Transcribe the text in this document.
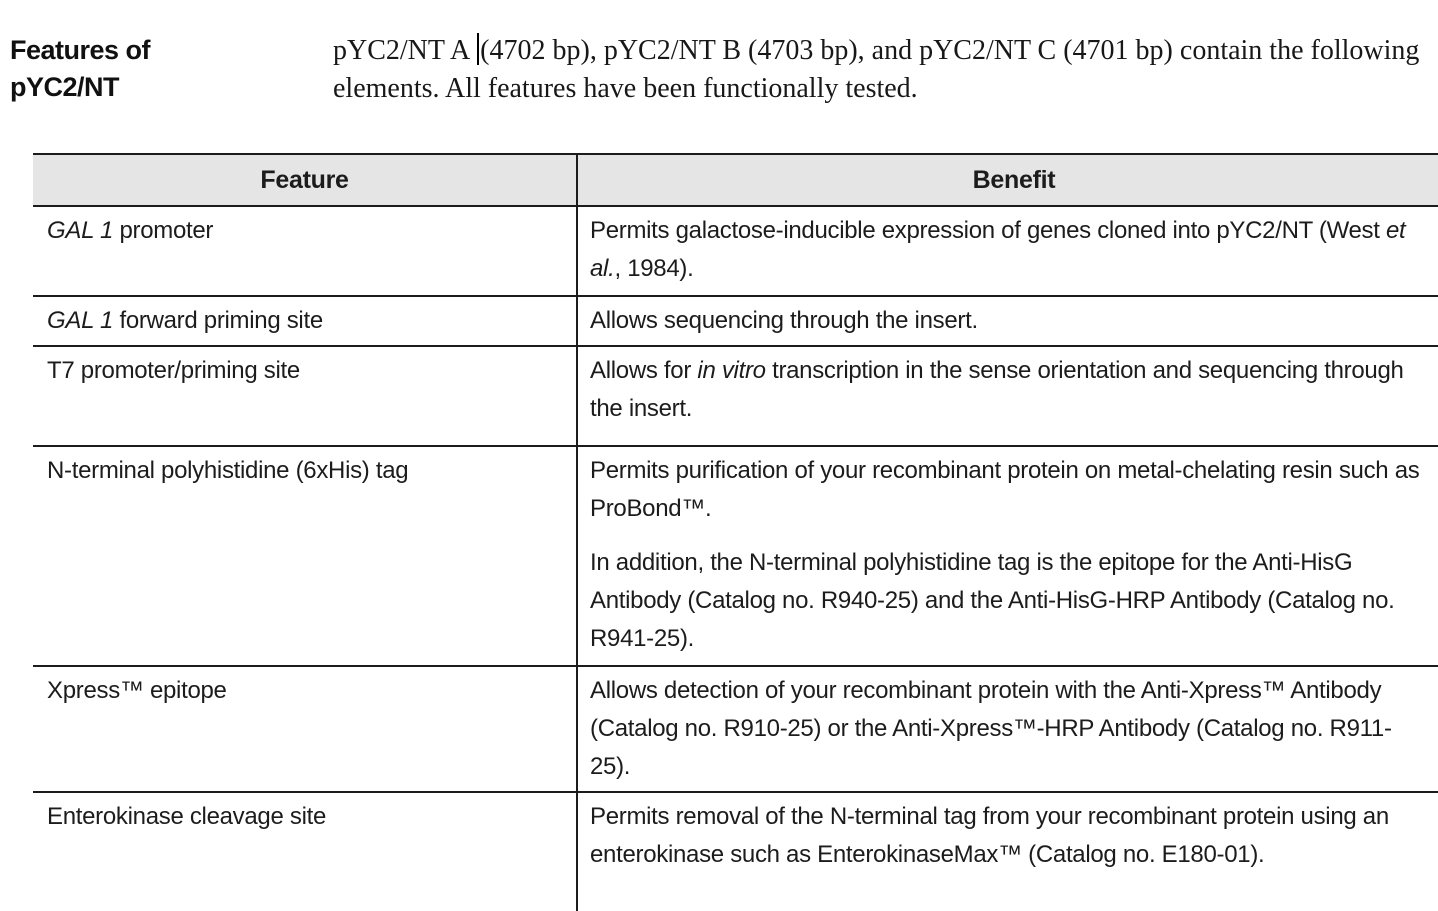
Features of
pYC2/NT
pYC2/NT A (4702 bp), pYC2/NT B (4703 bp), and pYC2/NT C (4701 bp) contain the following elements. All features have been functionally tested.
Feature	Benefit
GAL 1 promoter	Permits galactose-inducible expression of genes cloned into pYC2/NT (West et al., 1984).

GAL 1 forward priming site	Allows sequencing through the insert.

T7 promoter/priming site	Allows for in vitro transcription in the sense orientation and sequencing through the insert.

N-terminal polyhistidine (6xHis) tag	Permits purification of your recombinant protein on metal-chelating resin such as ProBond™.

In addition, the N-terminal polyhistidine tag is the epitope for the Anti-HisG Antibody (Catalog no. R940-25) and the Anti-HisG-HRP Antibody (Catalog no. R941-25).

Xpress™ epitope	Allows detection of your recombinant protein with the Anti-Xpress™ Antibody (Catalog no. R910-25) or the Anti-Xpress™-HRP Antibody (Catalog no. R911-25).

Enterokinase cleavage site	Permits removal of the N-terminal tag from your recombinant protein using an enterokinase such as EnterokinaseMax™ (Catalog no. E180-01).
